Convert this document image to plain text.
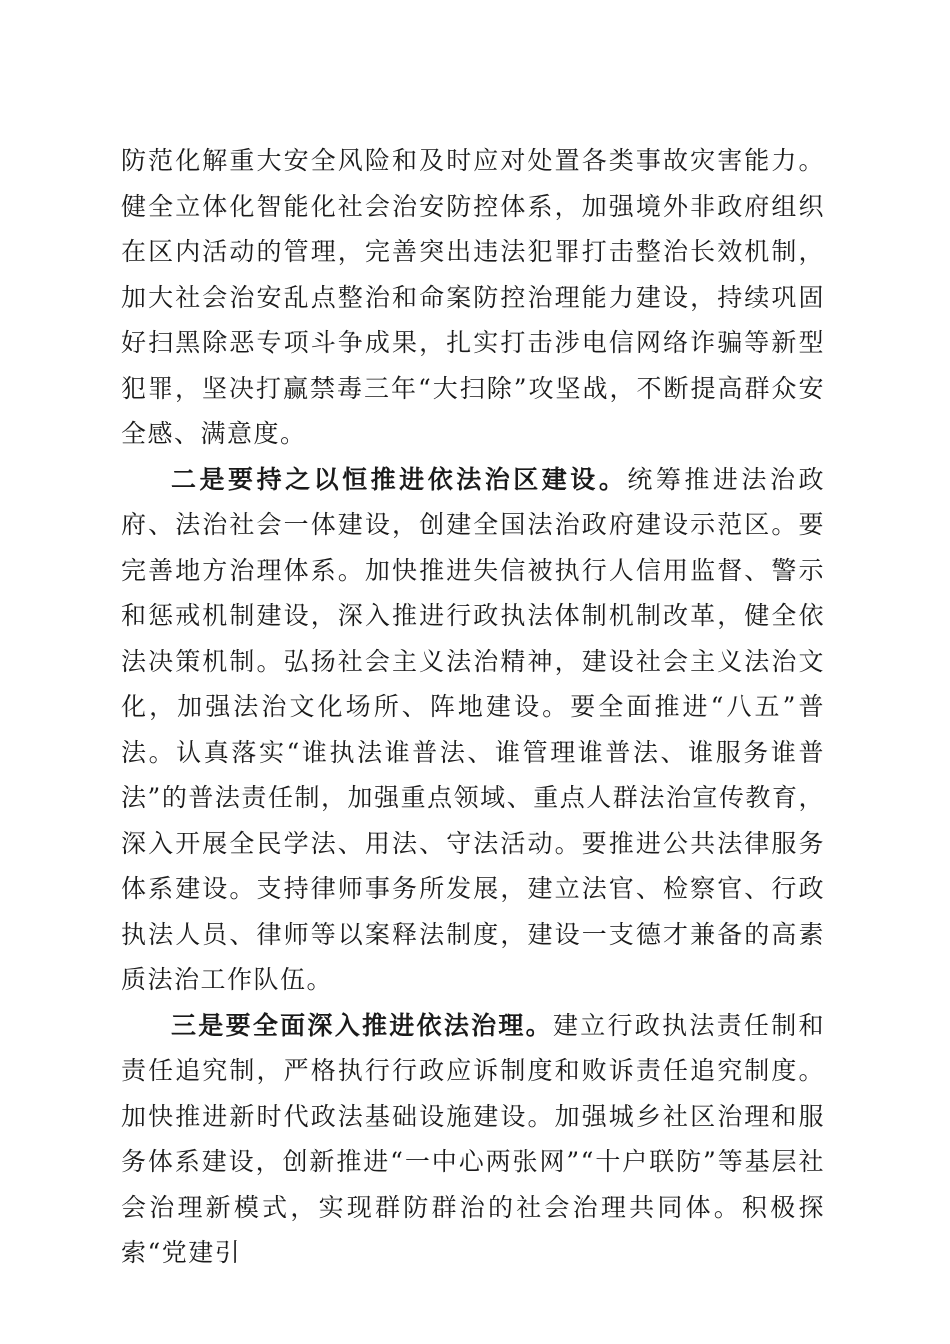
防范化解重大安全风险和及时应对处置各类事故灾害能力。健全立体化智能化社会治安防控体系，加强境外非政府组织在区内活动的管理，完善突出违法犯罪打击整治长效机制，加大社会治安乱点整治和命案防控治理能力建设，持续巩固好扫黑除恶专项斗争成果，扎实打击涉电信网络诈骗等新型犯罪，坚决打赢禁毒三年“大扫除”攻坚战，不断提高群众安全感、满意度。

二是要持之以恒推进依法治区建设。统筹推进法治政府、法治社会一体建设，创建全国法治政府建设示范区。要完善地方治理体系。加快推进失信被执行人信用监督、警示和惩戒机制建设，深入推进行政执法体制机制改革，健全依法决策机制。弘扬社会主义法治精神，建设社会主义法治文化，加强法治文化场所、阵地建设。要全面推进“八五”普法。认真落实“谁执法谁普法、谁管理谁普法、谁服务谁普法”的普法责任制，加强重点领域、重点人群法治宣传教育，深入开展全民学法、用法、守法活动。要推进公共法律服务体系建设。支持律师事务所发展，建立法官、检察官、行政执法人员、律师等以案释法制度，建设一支德才兼备的高素质法治工作队伍。

三是要全面深入推进依法治理。建立行政执法责任制和责任追究制，严格执行行政应诉制度和败诉责任追究制度。加快推进新时代政法基础设施建设。加强城乡社区治理和服务体系建设，创新推进“一中心两张网”“十户联防”等基层社会治理新模式，实现群防群治的社会治理共同体。积极探索“党建引
